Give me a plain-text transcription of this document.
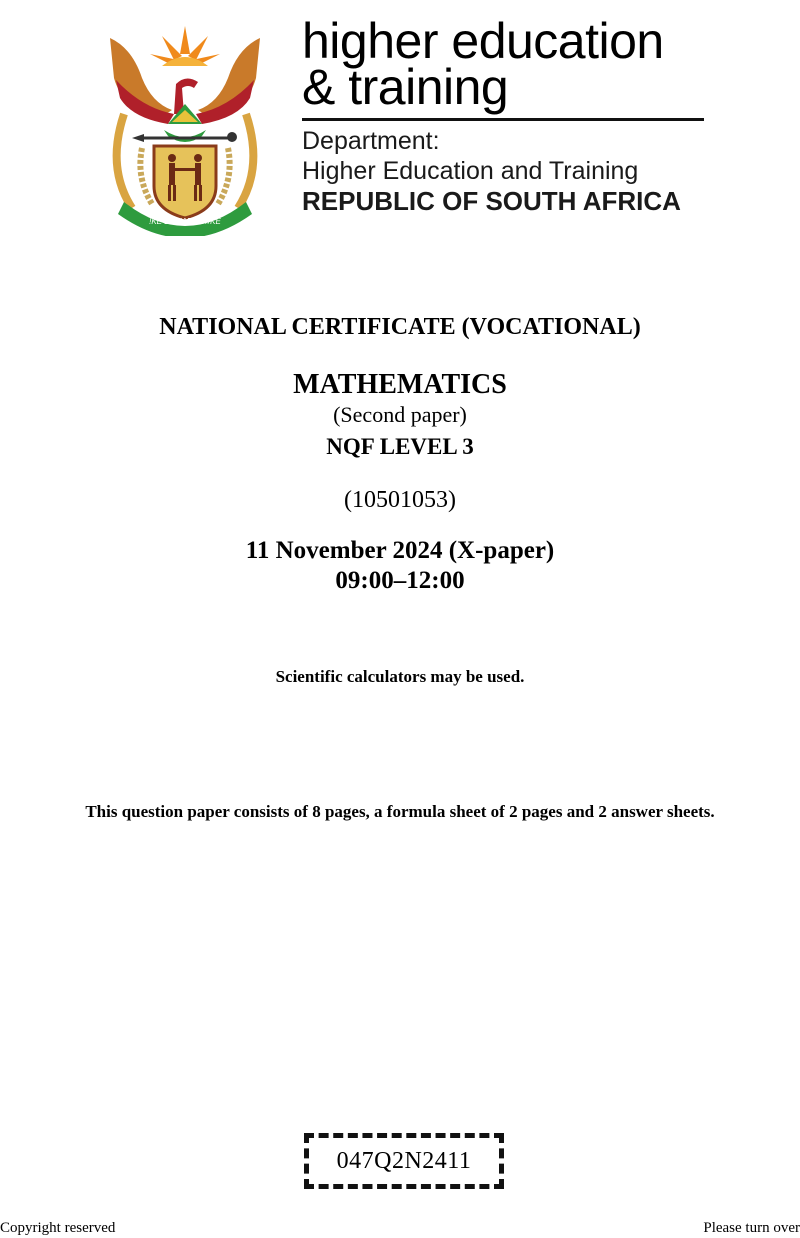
!KE E: /XARRA //KE
higher education
& training
Department:
Higher Education and Training
REPUBLIC OF SOUTH AFRICA
NATIONAL CERTIFICATE (VOCATIONAL)
MATHEMATICS
(Second paper)
NQF LEVEL 3
(10501053)
11 November 2024 (X-paper)
09:00–12:00
Scientific calculators may be used.
This question paper consists of 8 pages, a formula sheet of 2 pages and 2 answer sheets.
047Q2N2411
Copyright reserved	Please turn over
